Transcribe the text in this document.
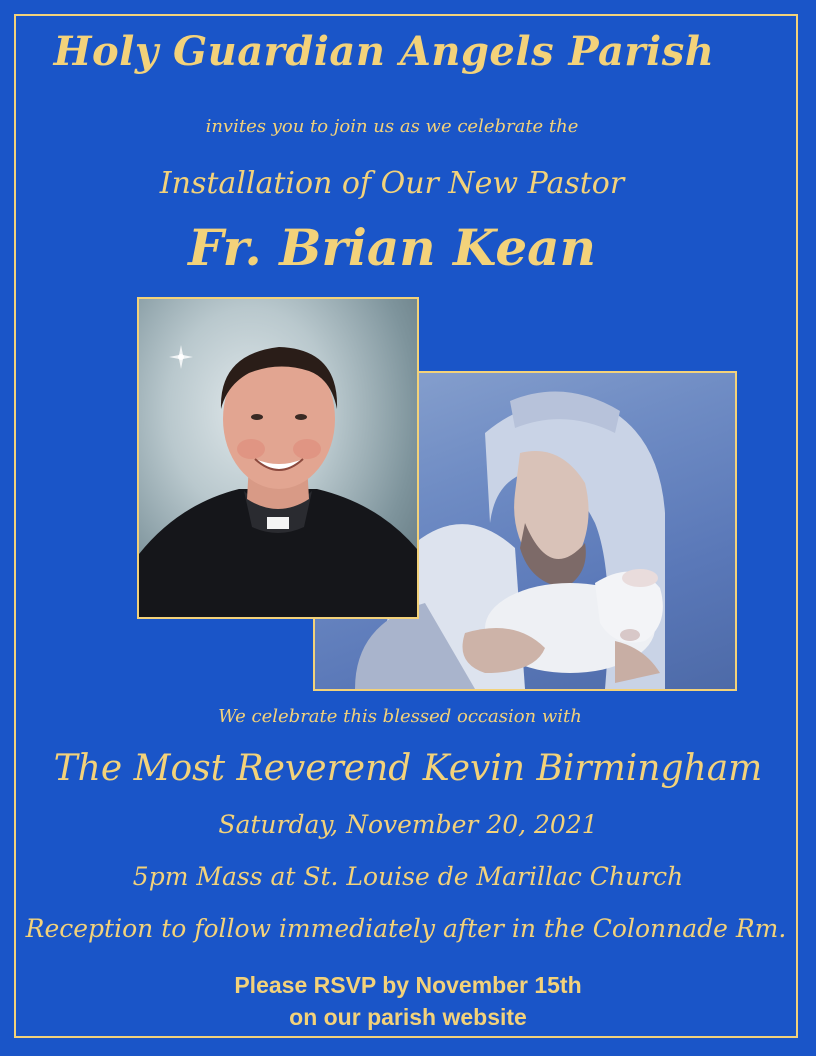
Holy Guardian Angels Parish
invites you to join us as we celebrate the
Installation of Our New Pastor
Fr. Brian Kean
We celebrate this blessed occasion with
The Most Reverend Kevin Birmingham
Saturday, November 20, 2021
5pm Mass at St. Louise de Marillac Church
Reception to follow immediately after in the Colonnade Rm.
Please RSVP by November 15th
on our parish website
